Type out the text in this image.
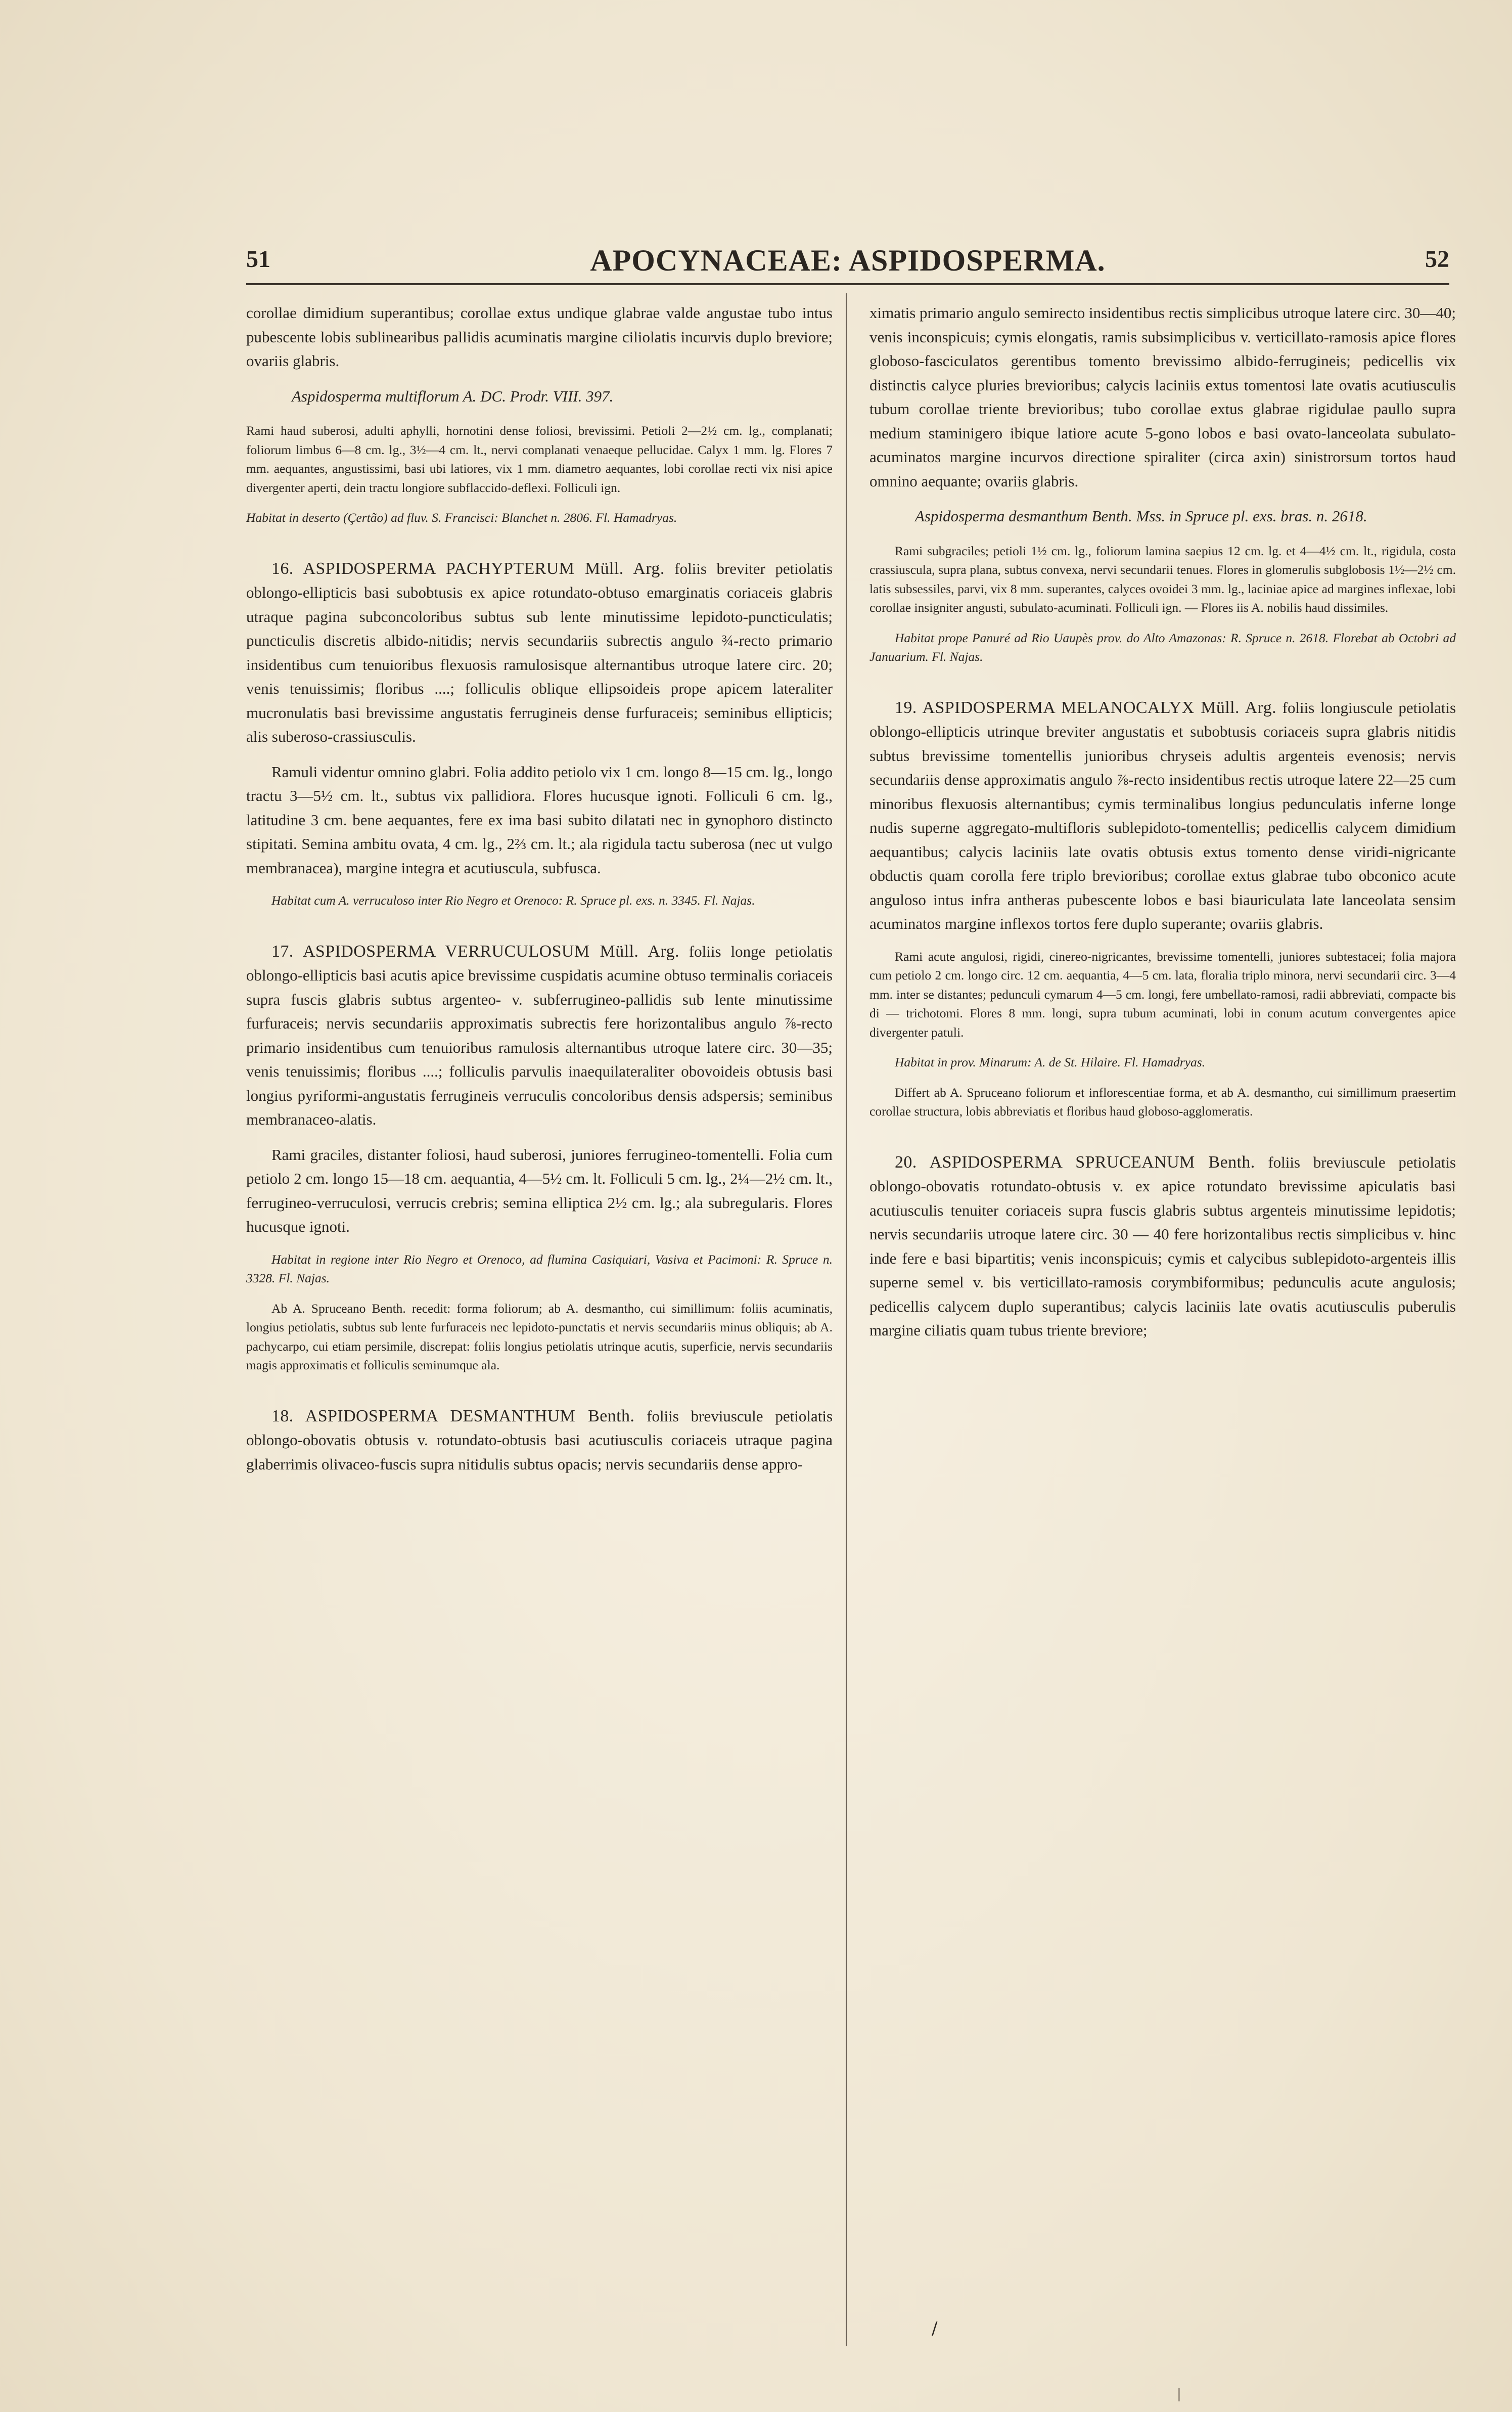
51	APOCYNACEAE: ASPIDOSPERMA.	52

corollae dimidium superantibus; corollae extus undique glabrae valde angustae tubo intus pubescente lobis sublinearibus pallidis acuminatis margine ciliolatis incurvis duplo breviore; ovariis glabris.

Aspidosperma multiflorum A. DC. Prodr. VIII. 397.

Rami haud suberosi, adulti aphylli, hornotini dense foliosi, brevissimi. Petioli 2—2½ cm. lg., complanati; foliorum limbus 6—8 cm. lg., 3½—4 cm. lt., nervi complanati venaeque pellucidae. Calyx 1 mm. lg. Flores 7 mm. aequantes, angustissimi, basi ubi latiores, vix 1 mm. diametro aequantes, lobi corollae recti vix nisi apice divergenter aperti, dein tractu longiore subflaccido-deflexi. Folliculi ign.

Habitat in deserto (Çertão) ad fluv. S. Francisci: Blanchet n. 2806. Fl. Hamadryas.

16. ASPIDOSPERMA PACHYPTERUM Müll. Arg. foliis breviter petiolatis oblongo-ellipticis basi subobtusis ex apice rotundato-obtuso emarginatis coriaceis glabris utraque pagina subconcoloribus subtus sub lente minutissime lepidoto-puncticulatis; puncticulis discretis albido-nitidis; nervis secundariis subrectis angulo ¾-recto primario insidentibus cum tenuioribus flexuosis ramulosisque alternantibus utroque latere circ. 20; venis tenuissimis; floribus ....; folliculis oblique ellipsoideis prope apicem lateraliter mucronulatis basi brevissime angustatis ferrugineis dense furfuraceis; seminibus ellipticis; alis suberoso-crassiusculis.

Ramuli videntur omnino glabri. Folia addito petiolo vix 1 cm. longo 8—15 cm. lg., longo tractu 3—5½ cm. lt., subtus vix pallidiora. Flores hucusque ignoti. Folliculi 6 cm. lg., latitudine 3 cm. bene aequantes, fere ex ima basi subito dilatati nec in gynophoro distincto stipitati. Semina ambitu ovata, 4 cm. lg., 2⅔ cm. lt.; ala rigidula tactu suberosa (nec ut vulgo membranacea), margine integra et acutiuscula, subfusca.

Habitat cum A. verruculoso inter Rio Negro et Orenoco: R. Spruce pl. exs. n. 3345. Fl. Najas.

17. ASPIDOSPERMA VERRUCULOSUM Müll. Arg. foliis longe petiolatis oblongo-ellipticis basi acutis apice brevissime cuspidatis acumine obtuso terminalis coriaceis supra fuscis glabris subtus argenteo- v. subferrugineo-pallidis sub lente minutissime furfuraceis; nervis secundariis approximatis subrectis fere horizontalibus angulo ⅞-recto primario insidentibus cum tenuioribus ramulosis alternantibus utroque latere circ. 30—35; venis tenuissimis; floribus ....; folliculis parvulis inaequilateraliter obovoideis obtusis basi longius pyriformi-angustatis ferrugineis verruculis concoloribus densis adspersis; seminibus membranaceo-alatis.

Rami graciles, distanter foliosi, haud suberosi, juniores ferrugineo-tomentelli. Folia cum petiolo 2 cm. longo 15—18 cm. aequantia, 4—5½ cm. lt. Folliculi 5 cm. lg., 2¼—2½ cm. lt., ferrugineo-verruculosi, verrucis crebris; semina elliptica 2½ cm. lg.; ala subregularis. Flores hucusque ignoti.

Habitat in regione inter Rio Negro et Orenoco, ad flumina Casiquiari, Vasiva et Pacimoni: R. Spruce n. 3328. Fl. Najas.

Ab A. Spruceano Benth. recedit: forma foliorum; ab A. desmantho, cui simillimum: foliis acuminatis, longius petiolatis, subtus sub lente furfuraceis nec lepidoto-punctatis et nervis secundariis minus obliquis; ab A. pachycarpo, cui etiam persimile, discrepat: foliis longius petiolatis utrinque acutis, superficie, nervis secundariis magis approximatis et folliculis seminumque ala.

18. ASPIDOSPERMA DESMANTHUM Benth. foliis breviuscule petiolatis oblongo-obovatis obtusis v. rotundato-obtusis basi acutiusculis coriaceis utraque pagina glaberrimis olivaceo-fuscis supra nitidulis subtus opacis; nervis secundariis dense appro-

ximatis primario angulo semirecto insidentibus rectis simplicibus utroque latere circ. 30—40; venis inconspicuis; cymis elongatis, ramis subsimplicibus v. verticillato-ramosis apice flores globoso-fasciculatos gerentibus tomento brevissimo albido-ferrugineis; pedicellis vix distinctis calyce pluries brevioribus; calycis laciniis extus tomentosi late ovatis acutiusculis tubum corollae triente brevioribus; tubo corollae extus glabrae rigidulae paullo supra medium staminigero ibique latiore acute 5-gono lobos e basi ovato-lanceolata subulato-acuminatos margine incurvos directione spiraliter (circa axin) sinistrorsum tortos haud omnino aequante; ovariis glabris.

Aspidosperma desmanthum Benth. Mss. in Spruce pl. exs. bras. n. 2618.

Rami subgraciles; petioli 1½ cm. lg., foliorum lamina saepius 12 cm. lg. et 4—4½ cm. lt., rigidula, costa crassiuscula, supra plana, subtus convexa, nervi secundarii tenues. Flores in glomerulis subglobosis 1½—2½ cm. latis subsessiles, parvi, vix 8 mm. superantes, calyces ovoidei 3 mm. lg., laciniae apice ad margines inflexae, lobi corollae insigniter angusti, subulato-acuminati. Folliculi ign. — Flores iis A. nobilis haud dissimiles.

Habitat prope Panuré ad Rio Uaupès prov. do Alto Amazonas: R. Spruce n. 2618. Florebat ab Octobri ad Januarium. Fl. Najas.

19. ASPIDOSPERMA MELANOCALYX Müll. Arg. foliis longiuscule petiolatis oblongo-ellipticis utrinque breviter angustatis et subobtusis coriaceis supra glabris nitidis subtus brevissime tomentellis junioribus chryseis adultis argenteis evenosis; nervis secundariis dense approximatis angulo ⅞-recto insidentibus rectis utroque latere 22—25 cum minoribus flexuosis alternantibus; cymis terminalibus longius pedunculatis inferne longe nudis superne aggregato-multifloris sublepidoto-tomentellis; pedicellis calycem dimidium aequantibus; calycis laciniis late ovatis obtusis extus tomento dense viridi-nigricante obductis quam corolla fere triplo brevioribus; corollae extus glabrae tubo obconico acute anguloso intus infra antheras pubescente lobos e basi biauriculata late lanceolata sensim acuminatos margine inflexos tortos fere duplo superante; ovariis glabris.

Rami acute angulosi, rigidi, cinereo-nigricantes, brevissime tomentelli, juniores subtestacei; folia majora cum petiolo 2 cm. longo circ. 12 cm. aequantia, 4—5 cm. lata, floralia triplo minora, nervi secundarii circ. 3—4 mm. inter se distantes; pedunculi cymarum 4—5 cm. longi, fere umbellato-ramosi, radii abbreviati, compacte bis di — trichotomi. Flores 8 mm. longi, supra tubum acuminati, lobi in conum acutum convergentes apice divergenter patuli.

Habitat in prov. Minarum: A. de St. Hilaire. Fl. Hamadryas.

Differt ab A. Spruceano foliorum et inflorescentiae forma, et ab A. desmantho, cui simillimum praesertim corollae structura, lobis abbreviatis et floribus haud globoso-agglomeratis.

20. ASPIDOSPERMA SPRUCEANUM Benth. foliis breviuscule petiolatis oblongo-obovatis rotundato-obtusis v. ex apice rotundato brevissime apiculatis basi acutiusculis tenuiter coriaceis supra fuscis glabris subtus argenteis minutissime lepidotis; nervis secundariis utroque latere circ. 30 — 40 fere horizontalibus rectis simplicibus v. hinc inde fere e basi bipartitis; venis inconspicuis; cymis et calycibus sublepidoto-argenteis illis superne semel v. bis verticillato-ramosis corymbiformibus; pedunculis acute angulosis; pedicellis calycem duplo superantibus; calycis laciniis late ovatis acutiusculis puberulis margine ciliatis quam tubus triente breviore;

/
|
